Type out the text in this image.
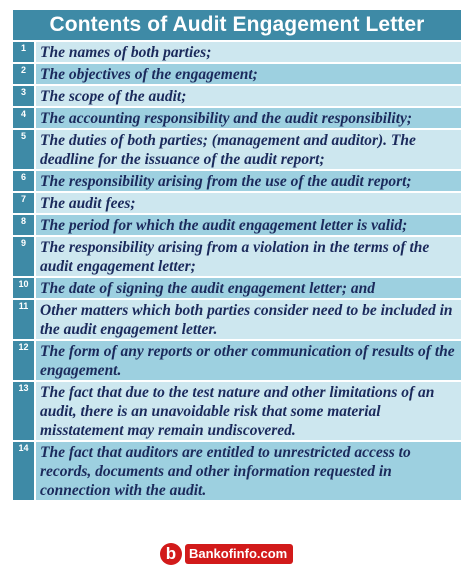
Contents of Audit Engagement Letter
1 The names of both parties;
2 The objectives of the engagement;
3 The scope of the audit;
4 The accounting responsibility and the audit responsibility;
5 The duties of both parties; (management and auditor). The deadline for the issuance of the audit report;
6 The responsibility arising from the use of the audit report;
7 The audit fees;
8 The period for which the audit engagement letter is valid;
9 The responsibility arising from a violation in the terms of the audit engagement letter;
10 The date of signing the audit engagement letter; and
11 Other matters which both parties consider need to be included in the audit engagement letter.
12 The form of any reports or other communication of results of the engagement.
13 The fact that due to the test nature and other limitations of an audit, there is an unavoidable risk that some material misstatement may remain undiscovered.
14 The fact that auditors are entitled to unrestricted access to records, documents and other information requested in connection with the audit.
b Bankofinfo.com
